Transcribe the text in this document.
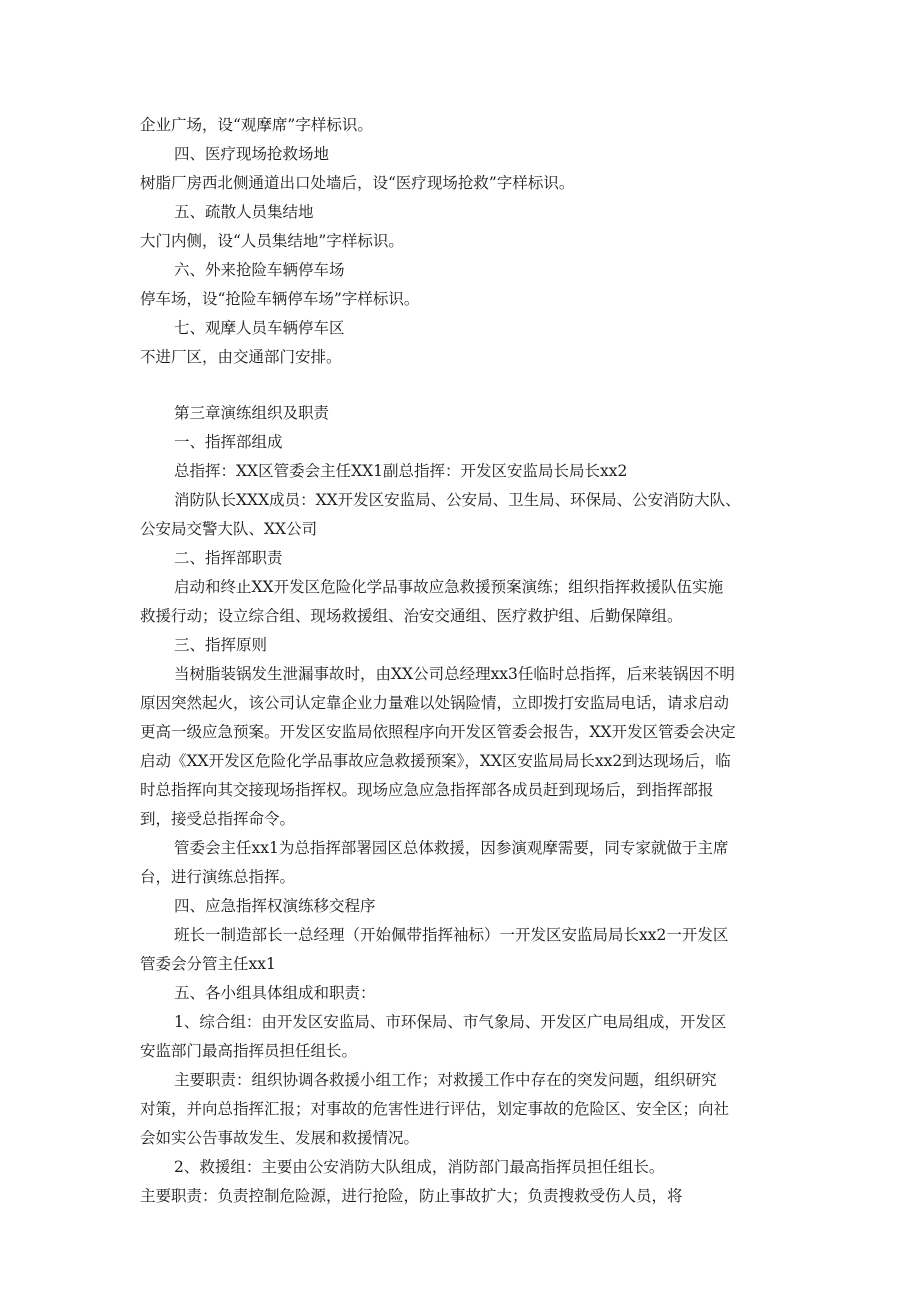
企业广场，设“观摩席”字样标识。
四、医疗现场抢救场地
树脂厂房西北侧通道出口处墙后，设“医疗现场抢救”字样标识。
五、疏散人员集结地
大门内侧，设“人员集结地”字样标识。
六、外来抢险车辆停车场
停车场，设“抢险车辆停车场”字样标识。
七、观摩人员车辆停车区
不进厂区，由交通部门安排。
第三章演练组织及职责
一、指挥部组成
总指挥：XX区管委会主任XX1副总指挥：开发区安监局长局长xx2
消防队长XXX成员：XX开发区安监局、公安局、卫生局、环保局、公安消防大队、
公安局交警大队、XX公司
二、指挥部职责
启动和终止XX开发区危险化学品事故应急救援预案演练；组织指挥救援队伍实施
救援行动；设立综合组、现场救援组、治安交通组、医疗救护组、后勤保障组。
三、指挥原则
当树脂装锅发生泄漏事故时，由XX公司总经理xx3任临时总指挥，后来装锅因不明
原因突然起火，该公司认定靠企业力量难以处锅险情，立即拨打安监局电话，请求启动
更高一级应急预案。开发区安监局依照程序向开发区管委会报告，XX开发区管委会决定
启动《XX开发区危险化学品事故应急救援预案》，XX区安监局局长xx2到达现场后，临
时总指挥向其交接现场指挥权。现场应急应急指挥部各成员赶到现场后，到指挥部报
到，接受总指挥命令。
管委会主任xx1为总指挥部署园区总体救援，因参演观摩需要，同专家就做于主席
台，进行演练总指挥。
四、应急指挥权演练移交程序
班长一制造部长一总经理（开始佩带指挥袖标）一开发区安监局局长xx2一开发区
管委会分管主任xx1
五、各小组具体组成和职责：
1、综合组：由开发区安监局、市环保局、市气象局、开发区广电局组成，开发区
安监部门最高指挥员担任组长。
主要职责：组织协调各救援小组工作；对救援工作中存在的突发问题，组织研究
对策，并向总指挥汇报；对事故的危害性进行评估，划定事故的危险区、安全区；向社
会如实公告事故发生、发展和救援情况。
2、救援组：主要由公安消防大队组成，消防部门最高指挥员担任组长。
主要职责：负责控制危险源，进行抢险，防止事故扩大；负责搜救受伤人员，将
